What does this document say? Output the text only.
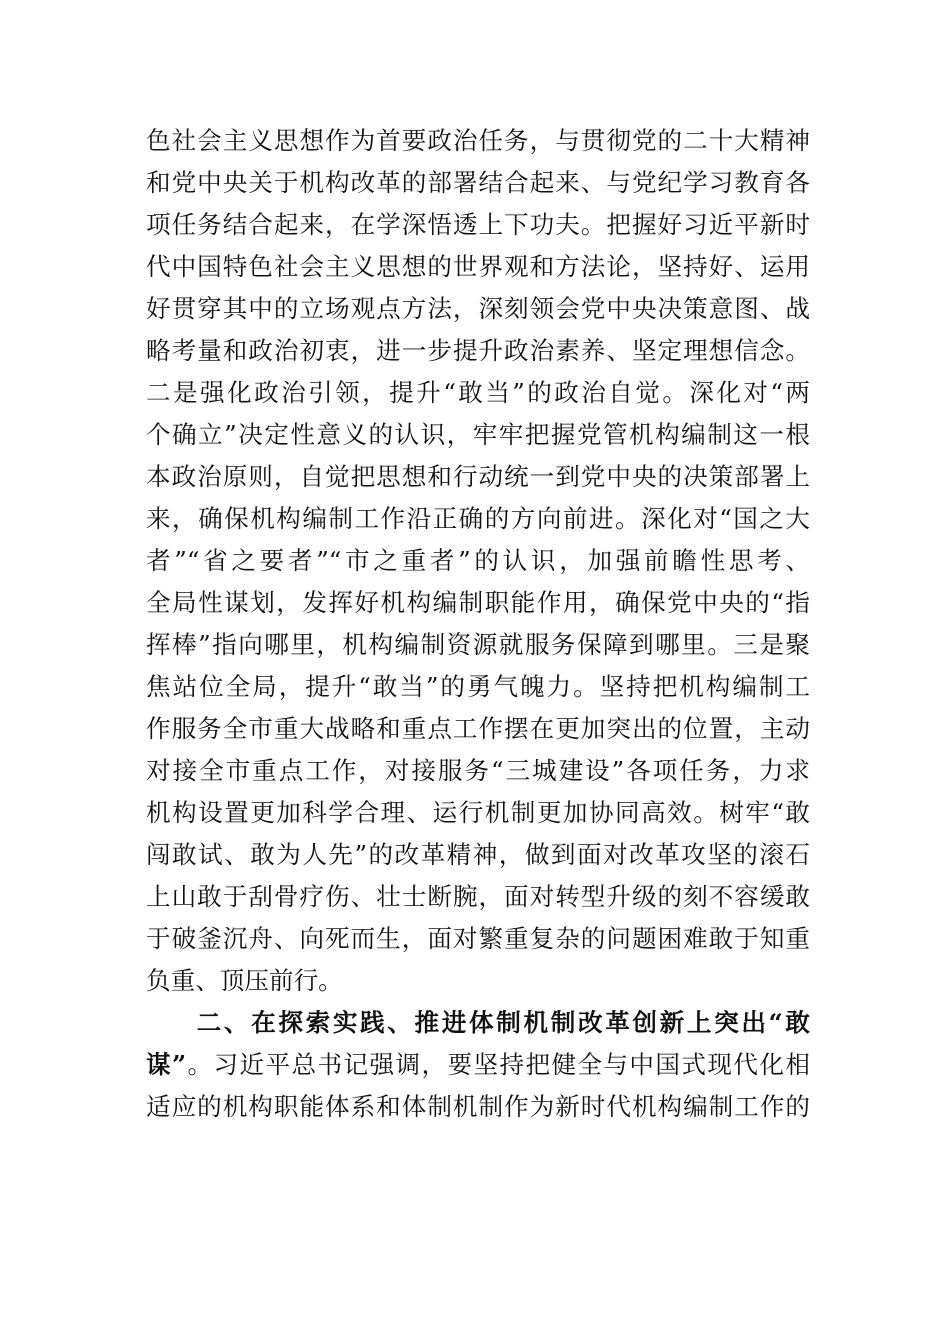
色社会主义思想作为首要政治任务，与贯彻党的二十大精神
和党中央关于机构改革的部署结合起来、与党纪学习教育各
项任务结合起来，在学深悟透上下功夫。把握好习近平新时
代中国特色社会主义思想的世界观和方法论，坚持好、运用
好贯穿其中的立场观点方法，深刻领会党中央决策意图、战
略考量和政治初衷，进一步提升政治素养、坚定理想信念。
二是强化政治引领，提升“敢当”的政治自觉。深化对“两
个确立”决定性意义的认识，牢牢把握党管机构编制这一根
本政治原则，自觉把思想和行动统一到党中央的决策部署上
来，确保机构编制工作沿正确的方向前进。深化对“国之大
者”“省之要者”“市之重者”的认识，加强前瞻性思考、
全局性谋划，发挥好机构编制职能作用，确保党中央的“指
挥棒”指向哪里，机构编制资源就服务保障到哪里。三是聚
焦站位全局，提升“敢当”的勇气魄力。坚持把机构编制工
作服务全市重大战略和重点工作摆在更加突出的位置，主动
对接全市重点工作，对接服务“三城建设”各项任务，力求
机构设置更加科学合理、运行机制更加协同高效。树牢“敢
闯敢试、敢为人先”的改革精神，做到面对改革攻坚的滚石
上山敢于刮骨疗伤、壮士断腕，面对转型升级的刻不容缓敢
于破釜沉舟、向死而生，面对繁重复杂的问题困难敢于知重
负重、顶压前行。
二、在探索实践、推进体制机制改革创新上突出“敢
谋”。习近平总书记强调，要坚持把健全与中国式现代化相
适应的机构职能体系和体制机制作为新时代机构编制工作的
